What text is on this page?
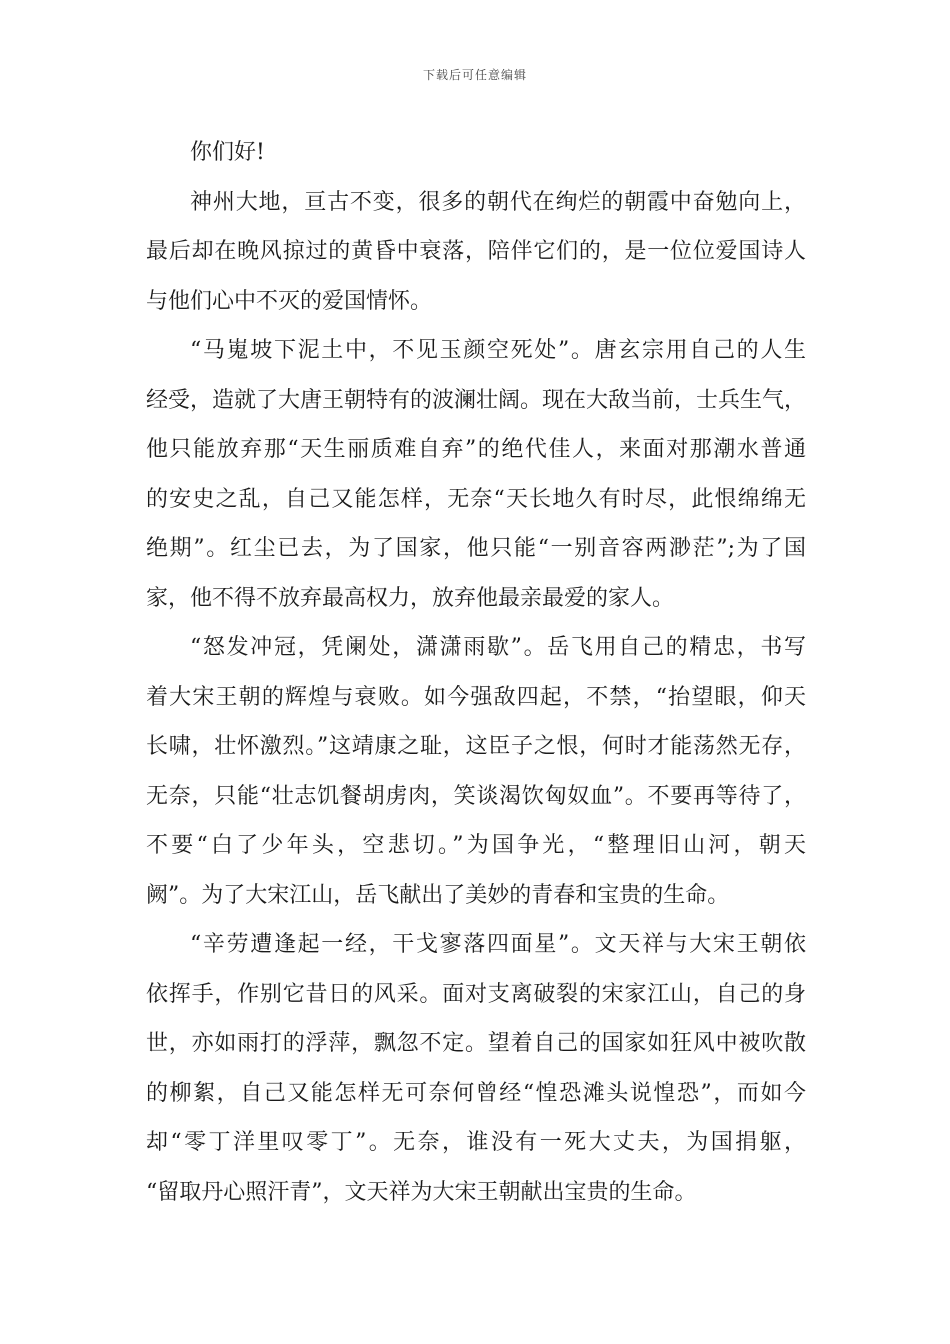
下载后可任意编辑
你们好!
神州大地，亘古不变，很多的朝代在绚烂的朝霞中奋勉向上，
最后却在晚风掠过的黄昏中衰落，陪伴它们的，是一位位爱国诗人
与他们心中不灭的爱国情怀。
“马嵬坡下泥土中，不见玉颜空死处”。唐玄宗用自己的人生
经受，造就了大唐王朝特有的波澜壮阔。现在大敌当前，士兵生气，
他只能放弃那“天生丽质难自弃”的绝代佳人，来面对那潮水普通
的安史之乱，自己又能怎样，无奈“天长地久有时尽，此恨绵绵无
绝期”。红尘已去，为了国家，他只能“一别音容两渺茫”;为了国
家，他不得不放弃最高权力，放弃他最亲最爱的家人。
“怒发冲冠，凭阑处，潇潇雨歇”。岳飞用自己的精忠，书写
着大宋王朝的辉煌与衰败。如今强敌四起，不禁，“抬望眼，仰天
长啸，壮怀激烈。”这靖康之耻，这臣子之恨，何时才能荡然无存，
无奈，只能“壮志饥餐胡虏肉，笑谈渴饮匈奴血”。不要再等待了，
不要“白了少年头，空悲切。”为国争光，“整理旧山河，朝天
阙”。为了大宋江山，岳飞献出了美妙的青春和宝贵的生命。
“辛劳遭逢起一经，干戈寥落四面星”。文天祥与大宋王朝依
依挥手，作别它昔日的风采。面对支离破裂的宋家江山，自己的身
世，亦如雨打的浮萍，飘忽不定。望着自己的国家如狂风中被吹散
的柳絮，自己又能怎样无可奈何曾经“惶恐滩头说惶恐”，而如今
却“零丁洋里叹零丁”。无奈，谁没有一死大丈夫，为国捐躯，
“留取丹心照汗青”，文天祥为大宋王朝献出宝贵的生命。
